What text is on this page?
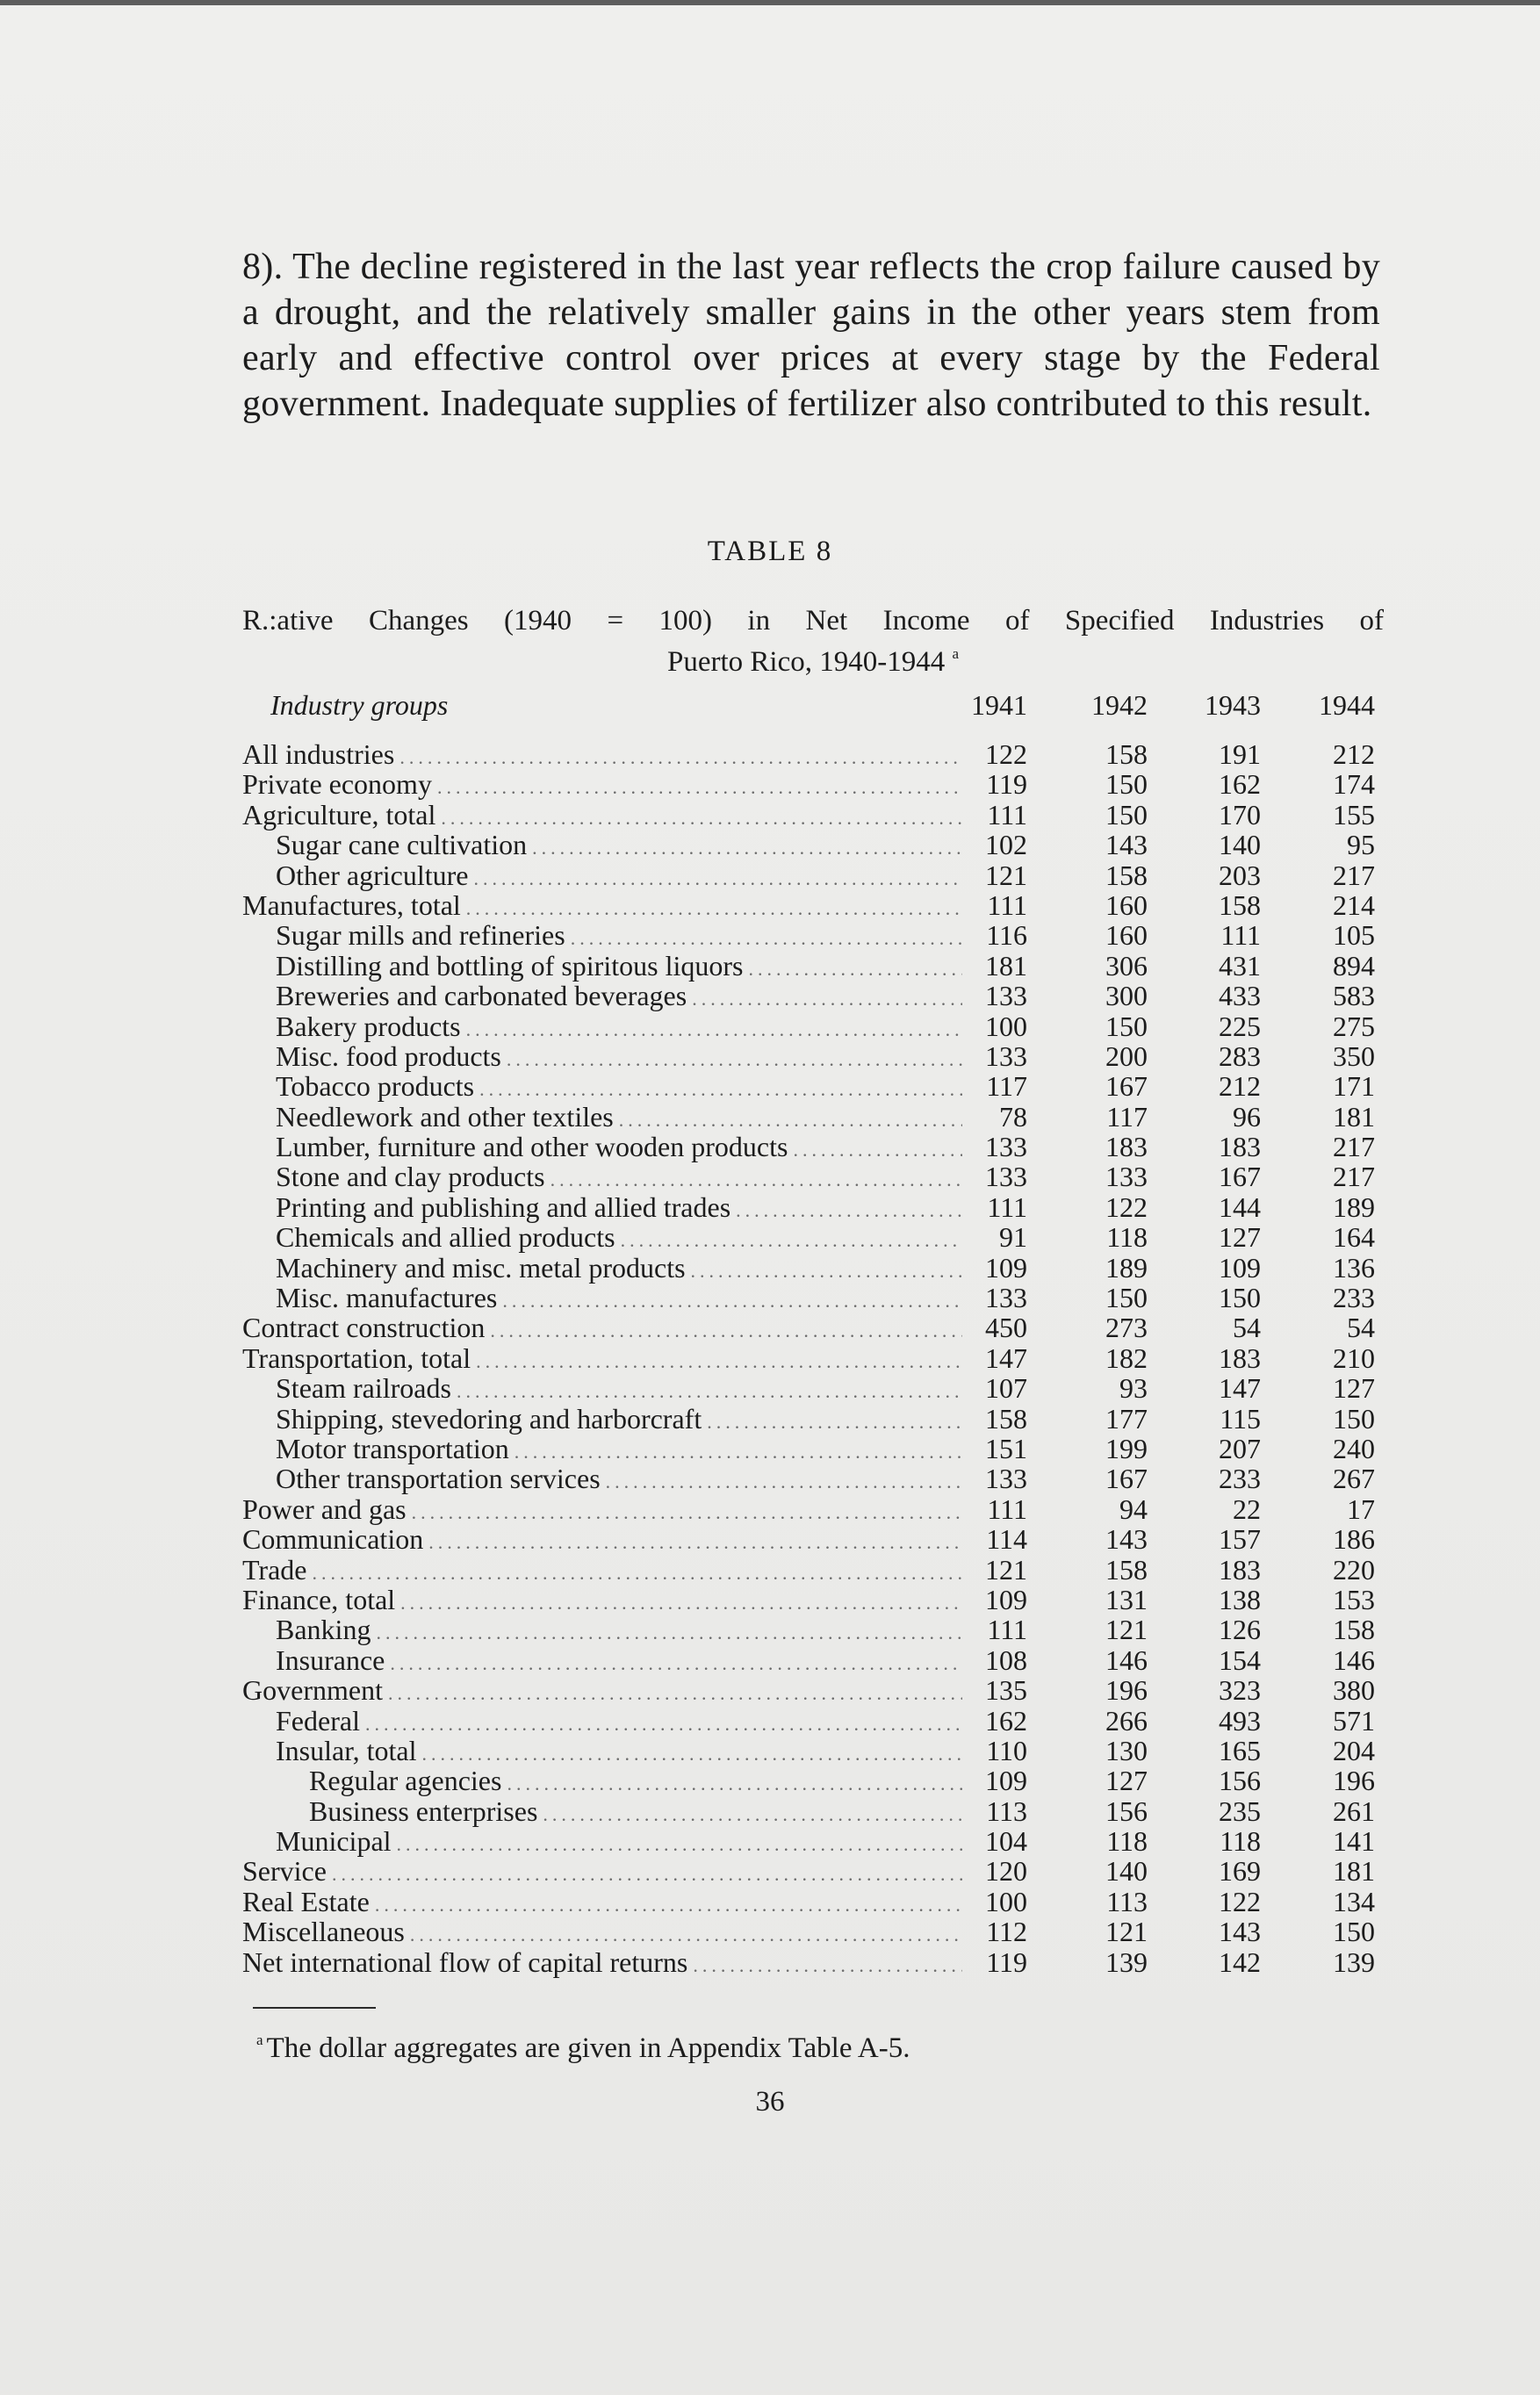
8). The decline registered in the last year reflects the crop failure caused by a drought, and the relatively smaller gains in the other years stem from early and effective control over prices at every stage by the Federal government. Inadequate supplies of fertilizer also contributed to this result.

TABLE 8
R.:ative Changes (1940 = 100) in Net Income of Specified Industries of
Puerto Rico, 1940-1944 $^a$
Industry groups	1941	1942	1943	1944
All industries .....	122	158	191	212
Private economy .....	119	150	162	174
Agriculture, total .....	111	150	170	155
Sugar cane cultivation .....	102	143	140	95
Other agriculture .....	121	158	203	217
Manufactures, total .....	111	160	158	214
Sugar mills and refineries .....	116	160	111	105
Distilling and bottling of spiritous liquors .....	181	306	431	894
Breweries and carbonated beverages .....	133	300	433	583
Bakery products .....	100	150	225	275
Misc. food products .....	133	200	283	350
Tobacco products .....	117	167	212	171
Needlework and other textiles .....	78	117	96	181
Lumber, furniture and other wooden products .....	133	183	183	217
Stone and clay products .....	133	133	167	217
Printing and publishing and allied trades .....	111	122	144	189
Chemicals and allied products .....	91	118	127	164
Machinery and misc. metal products .....	109	189	109	136
Misc. manufactures .....	133	150	150	233
Contract construction .....	450	273	54	54
Transportation, total .....	147	182	183	210
Steam railroads .....	107	93	147	127
Shipping, stevedoring and harborcraft .....	158	177	115	150
Motor transportation .....	151	199	207	240
Other transportation services .....	133	167	233	267
Power and gas .....	111	94	22	17
Communication .....	114	143	157	186
Trade .....	121	158	183	220
Finance, total .....	109	131	138	153
Banking .....	111	121	126	158
Insurance .....	108	146	154	146
Government .....	135	196	323	380
Federal .....	162	266	493	571
Insular, total .....	110	130	165	204
Regular agencies .....	109	127	156	196
Business enterprises .....	113	156	235	261
Municipal .....	104	118	118	141
Service .....	120	140	169	181
Real Estate .....	100	113	122	134
Miscellaneous .....	112	121	143	150
Net international flow of capital returns .....	119	139	142	139
$^a$ The dollar aggregates are given in Appendix Table A-5.
36
